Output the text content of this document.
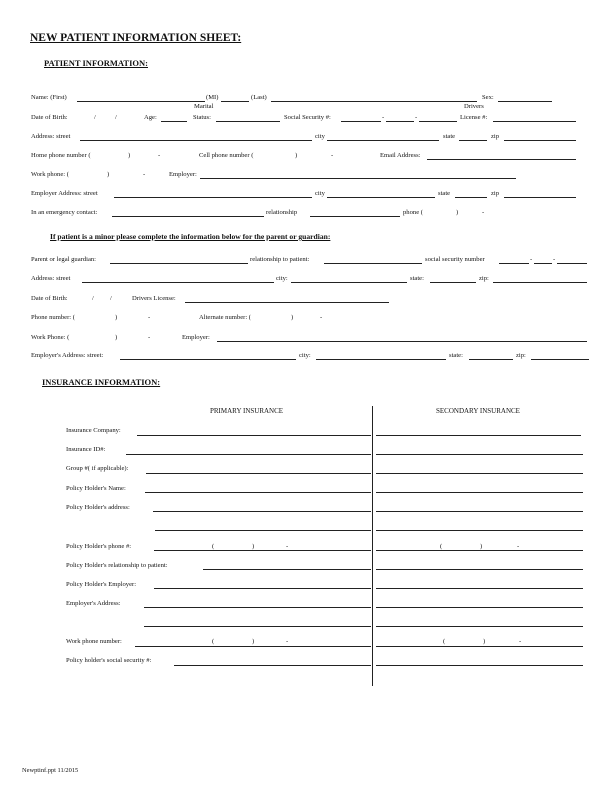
NEW PATIENT INFORMATION SHEET:
PATIENT INFORMATION:
Name: (First)	(MI)	(Last)	Sex:
Marital	Drivers
Date of Birth:	/	/	Age:	Status:	Social Security #:	-	-	License #:
Address: street	city	state	zip
Home phone number (	)	-	Cell phone number (	)	-	Email Address:
Work phone: (	)	-	Employer:
Employer Address: street	city	state	zip
In an emergency contact:	relationship	phone (	)	-
If patient is a minor please complete the information below for the parent or guardian:
Parent or legal guardian:	relationship to patient:	social security number	-	-
Address: street	city:	state:	zip:
Date of Birth:	/ /	Drivers License:
Phone number: (	)	-	Alternate number: (	)	-
Work Phone: (	)	-	Employer:
Employer's Address: street:	city:	state:	zip:
INSURANCE INFORMATION:
PRIMARY INSURANCE	SECONDARY INSURANCE
Insurance Company:
Insurance ID#:
Group #( if applicable):
Policy Holder's Name:
Policy Holder's address:
Policy Holder's phone #:	(	)	-	(	)	-
Policy Holder's relationship to patient:
Policy Holder's Employer:
Employer's Address:
Work phone number:	(	)	-	(	)	-
Policy holder's social security #:
Newptinf.ppt 11/2015
